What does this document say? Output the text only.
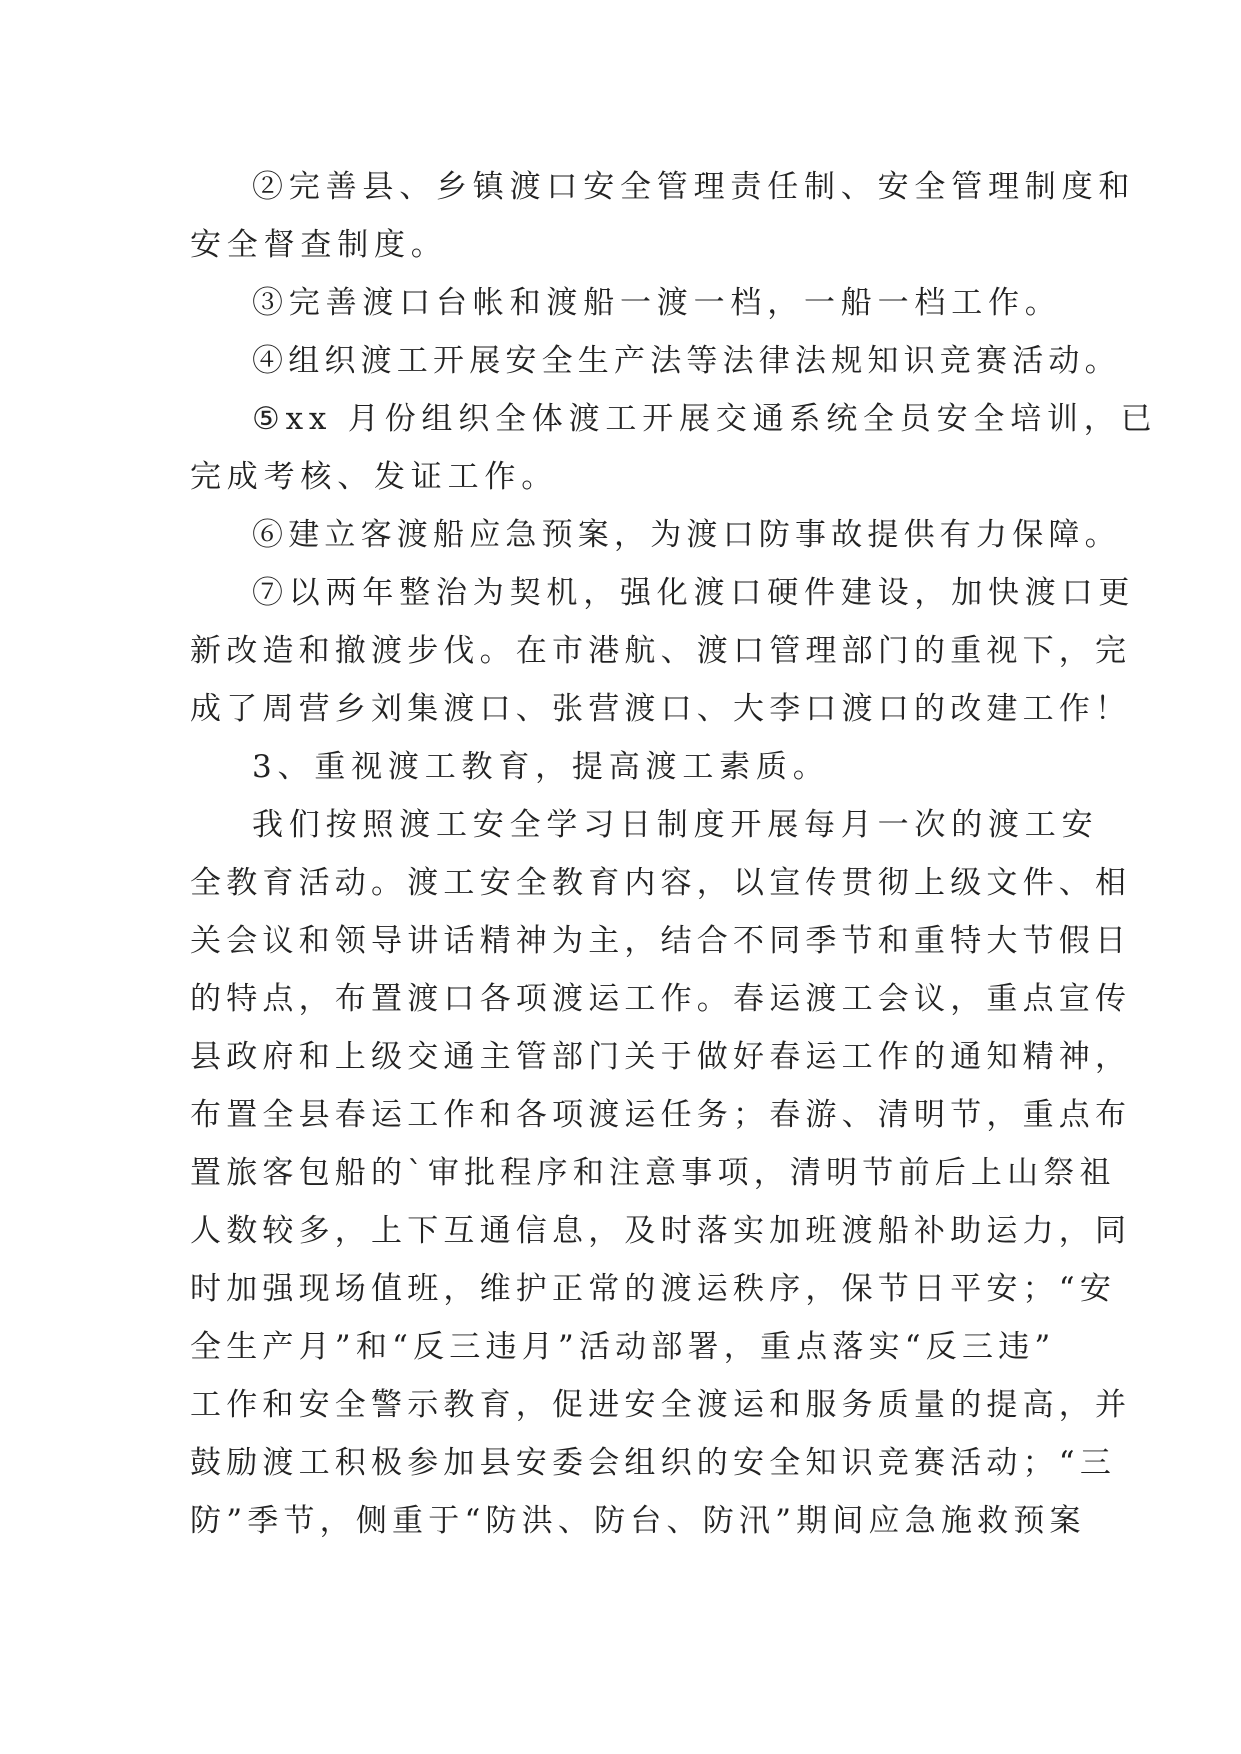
②完善县、乡镇渡口安全管理责任制、安全管理制度和
安全督查制度。
③完善渡口台帐和渡船一渡一档，一船一档工作。
④组织渡工开展安全生产法等法律法规知识竞赛活动。
⑤xx 月份组织全体渡工开展交通系统全员安全培训，已
完成考核、发证工作。
⑥建立客渡船应急预案，为渡口防事故提供有力保障。
⑦以两年整治为契机，强化渡口硬件建设，加快渡口更
新改造和撤渡步伐。在市港航、渡口管理部门的重视下，完
成了周营乡刘集渡口、张营渡口、大李口渡口的改建工作！
3、重视渡工教育，提高渡工素质。
我们按照渡工安全学习日制度开展每月一次的渡工安
全教育活动。渡工安全教育内容，以宣传贯彻上级文件、相
关会议和领导讲话精神为主，结合不同季节和重特大节假日
的特点，布置渡口各项渡运工作。春运渡工会议，重点宣传
县政府和上级交通主管部门关于做好春运工作的通知精神，
布置全县春运工作和各项渡运任务；春游、清明节，重点布
置旅客包船的`审批程序和注意事项，清明节前后上山祭祖
人数较多，上下互通信息，及时落实加班渡船补助运力，同
时加强现场值班，维护正常的渡运秩序，保节日平安；“安
全生产月”和“反三违月”活动部署，重点落实“反三违”
工作和安全警示教育，促进安全渡运和服务质量的提高，并
鼓励渡工积极参加县安委会组织的安全知识竞赛活动；“三
防”季节，侧重于“防洪、防台、防汛”期间应急施救预案
